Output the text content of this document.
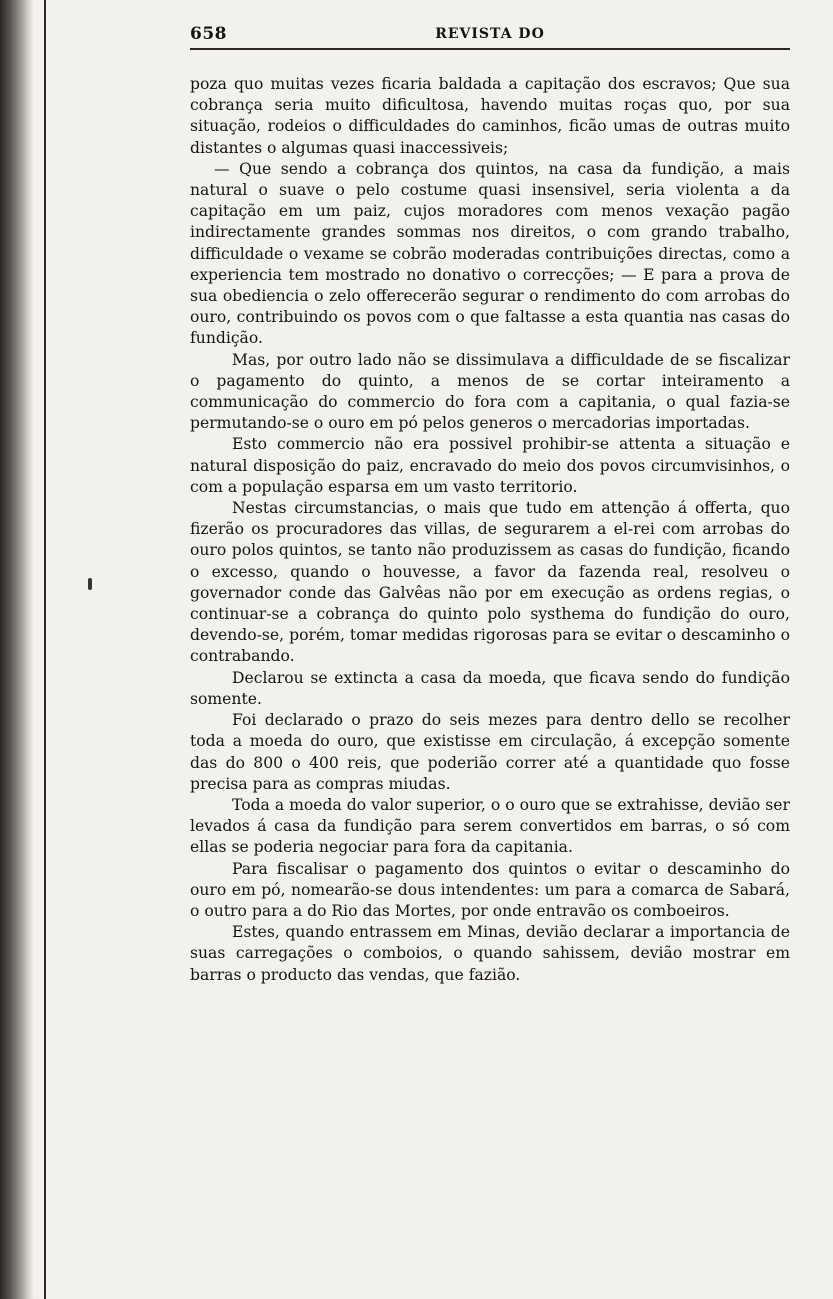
658	REVISTA DO

poza quo muitas vezes ficaria baldada a capitação dos escravos; Que sua cobrança seria muito dificultosa, havendo muitas roças quo, por sua situação, rodeios o difficuldades do caminhos, ficão umas de outras muito distantes o algumas quasi inaccessiveis;

— Que sendo a cobrança dos quintos, na casa da fundição, a mais natural o suave o pelo costume quasi insensivel, seria violenta a da capitação em um paiz, cujos moradores com menos vexação pagão indirectamente grandes sommas nos direitos, o com grando trabalho, difficuldade o vexame se cobrão moderadas contribuições directas, como a experiencia tem mostrado no donativo o correcções; — E para a prova de sua obediencia o zelo offerecerão segurar o rendimento do com arrobas do ouro, contribuindo os povos com o que faltasse a esta quantia nas casas do fundição.

Mas, por outro lado não se dissimulava a difficuldade de se fiscalizar o pagamento do quinto, a menos de se cortar inteiramento a communicação do commercio do fora com a capitania, o qual fazia-se permutando-se o ouro em pó pelos generos o mercadorias importadas.

Esto commercio não era possivel prohibir-se attenta a situação e natural disposição do paiz, encravado do meio dos povos circumvisinhos, o com a população esparsa em um vasto territorio.

Nestas circumstancias, o mais que tudo em attenção á offerta, quo fizerão os procuradores das villas, de segurarem a el-rei com arrobas do ouro polos quintos, se tanto não produzissem as casas do fundição, ficando o excesso, quando o houvesse, a favor da fazenda real, resolveu o governador conde das Galvêas não por em execução as ordens regias, o continuar-se a cobrança do quinto polo systhema do fundição do ouro, devendo-se, porém, tomar medidas rigorosas para se evitar o descaminho o contrabando.

Declarou se extincta a casa da moeda, que ficava sendo do fundição somente.

Foi declarado o prazo do seis mezes para dentro dello se recolher toda a moeda do ouro, que existisse em circulação, á excepção somente das do 800 o 400 reis, que poderião correr até a quantidade quo fosse precisa para as compras miudas.

Toda a moeda do valor superior, o o ouro que se extrahisse, devião ser levados á casa da fundição para serem convertidos em barras, o só com ellas se poderia negociar para fora da capitania.

Para fiscalisar o pagamento dos quintos o evitar o descaminho do ouro em pó, nomearão-se dous intendentes: um para a comarca de Sabará, o outro para a do Rio das Mortes, por onde entravão os comboeiros.

Estes, quando entrassem em Minas, devião declarar a importancia de suas carregações o comboios, o quando sahissem, devião mostrar em barras o producto das vendas, que fazião.
